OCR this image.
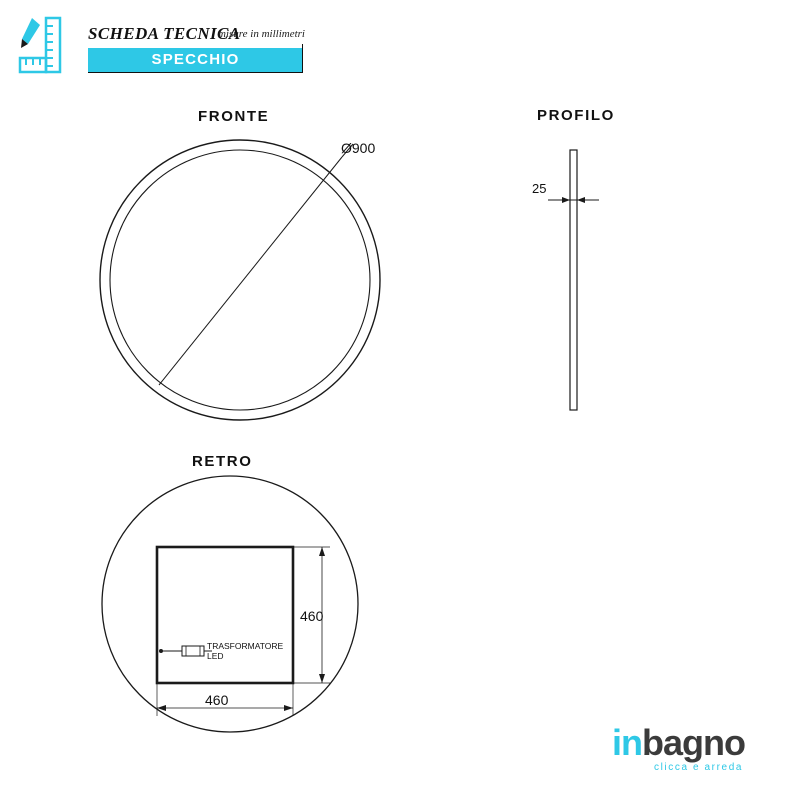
SCHEDA TECNICA
misure in millimetri
SPECCHIO
FRONTE
Ø900
PROFILO
25
RETRO
TRASFORMATORE
LED
460
460
inbagno
clicca e arreda
